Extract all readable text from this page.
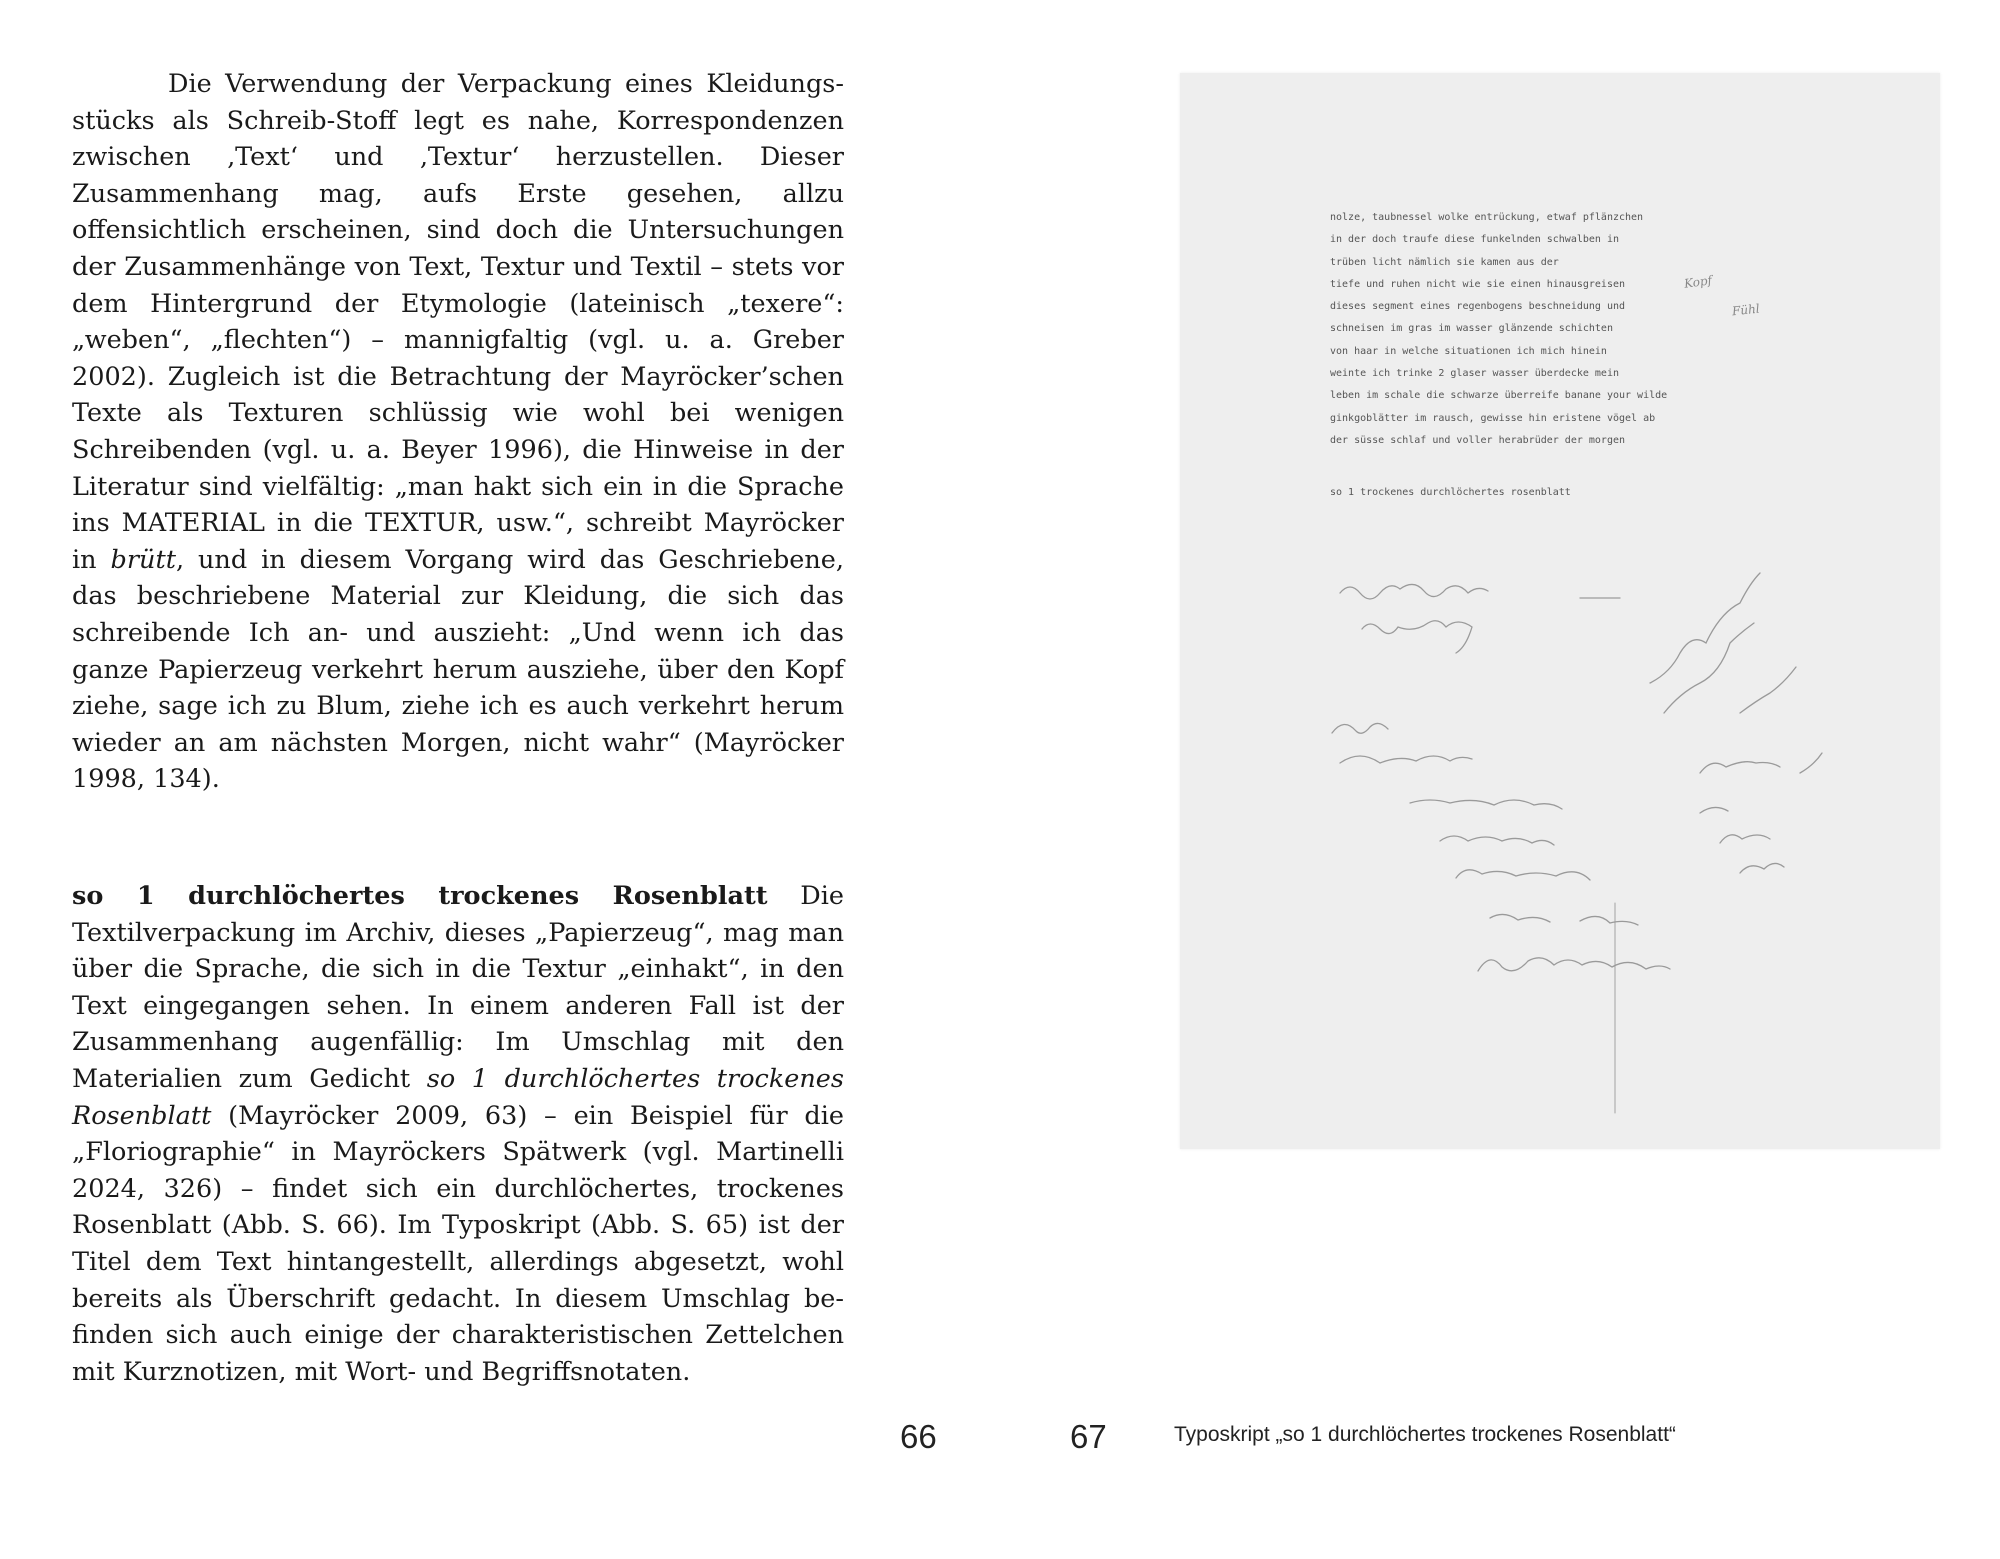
Die Verwendung der Verpackung eines Kleidungsstücks als Schreib-Stoff legt es nahe, Korrespondenzen zwischen ‚Text‘ und ‚Textur‘ herzustellen. Dieser Zusammenhang mag, aufs Erste gesehen, allzu offensichtlich erscheinen, sind doch die Untersuchungen der Zusammenhänge von Text, Textur und Textil – stets vor dem Hintergrund der Etymologie (lateinisch „texere“: „weben“, „flechten“) – mannigfaltig (vgl. u. a. Greber 2002). Zugleich ist die Betrachtung der Mayröcker’schen Texte als Texturen schlüssig wie wohl bei wenigen Schreibenden (vgl. u. a. Beyer 1996), die Hinweise in der Literatur sind vielfältig: „man hakt sich ein in die Sprache ins MATERIAL in die TEXTUR, usw.“, schreibt Mayröcker in brütt, und in diesem Vorgang wird das Geschriebene, das beschriebene Material zur Kleidung, die sich das schreibende Ich an- und auszieht: „Und wenn ich das ganze Papierzeug verkehrt herum ausziehe, über den Kopf ziehe, sage ich zu Blum, ziehe ich es auch verkehrt herum wieder an am nächsten Morgen, nicht wahr“ (Mayröcker 1998, 134).

so 1 durchlöchertes trockenes Rosenblatt Die Textilverpackung im Archiv, dieses „Papierzeug“, mag man über die Sprache, die sich in die Textur „einhakt“, in den Text eingegangen sehen. In einem anderen Fall ist der Zusammenhang augenfällig: Im Umschlag mit den Materialien zum Gedicht so 1 durchlöchertes trockenes Rosenblatt (Mayröcker 2009, 63) – ein Beispiel für die „Floriographie“ in Mayröckers Spätwerk (vgl. Martinelli 2024, 326) – findet sich ein durchlöchertes, trockenes Rosenblatt (Abb. S. 66). Im Typoskript (Abb. S. 65) ist der Titel dem Text hintangestellt, allerdings abgesetzt, wohl bereits als Überschrift gedacht. In diesem Umschlag befinden sich auch einige der charakteristischen Zettelchen mit Kurznotizen, mit Wort- und Begriffsnotaten.

66
nolze, taubnessel wolke entrückung, etwaf pflänzchen
in der doch traufe diese funkelnden schwalben in
trüben licht nämlich sie kamen aus der
tiefe und ruhen nicht wie sie einen hinausgreisen
dieses segment eines regenbogens beschneidung und
schneisen im gras im wasser glänzende schichten
von haar in welche situationen ich mich hinein
weinte ich trinke 2 glaser wasser überdecke mein
leben im schale die schwarze überreife banane your wilde
ginkgoblätter im rausch, gewisse hin eristene vögel ab
der süsse schlaf und voller herabrüder der morgen
so 1 trockenes durchlöchertes rosenblatt
Kopf
Fühl
67	Typoskript „so 1 durchlöchertes trockenes Rosenblatt“
